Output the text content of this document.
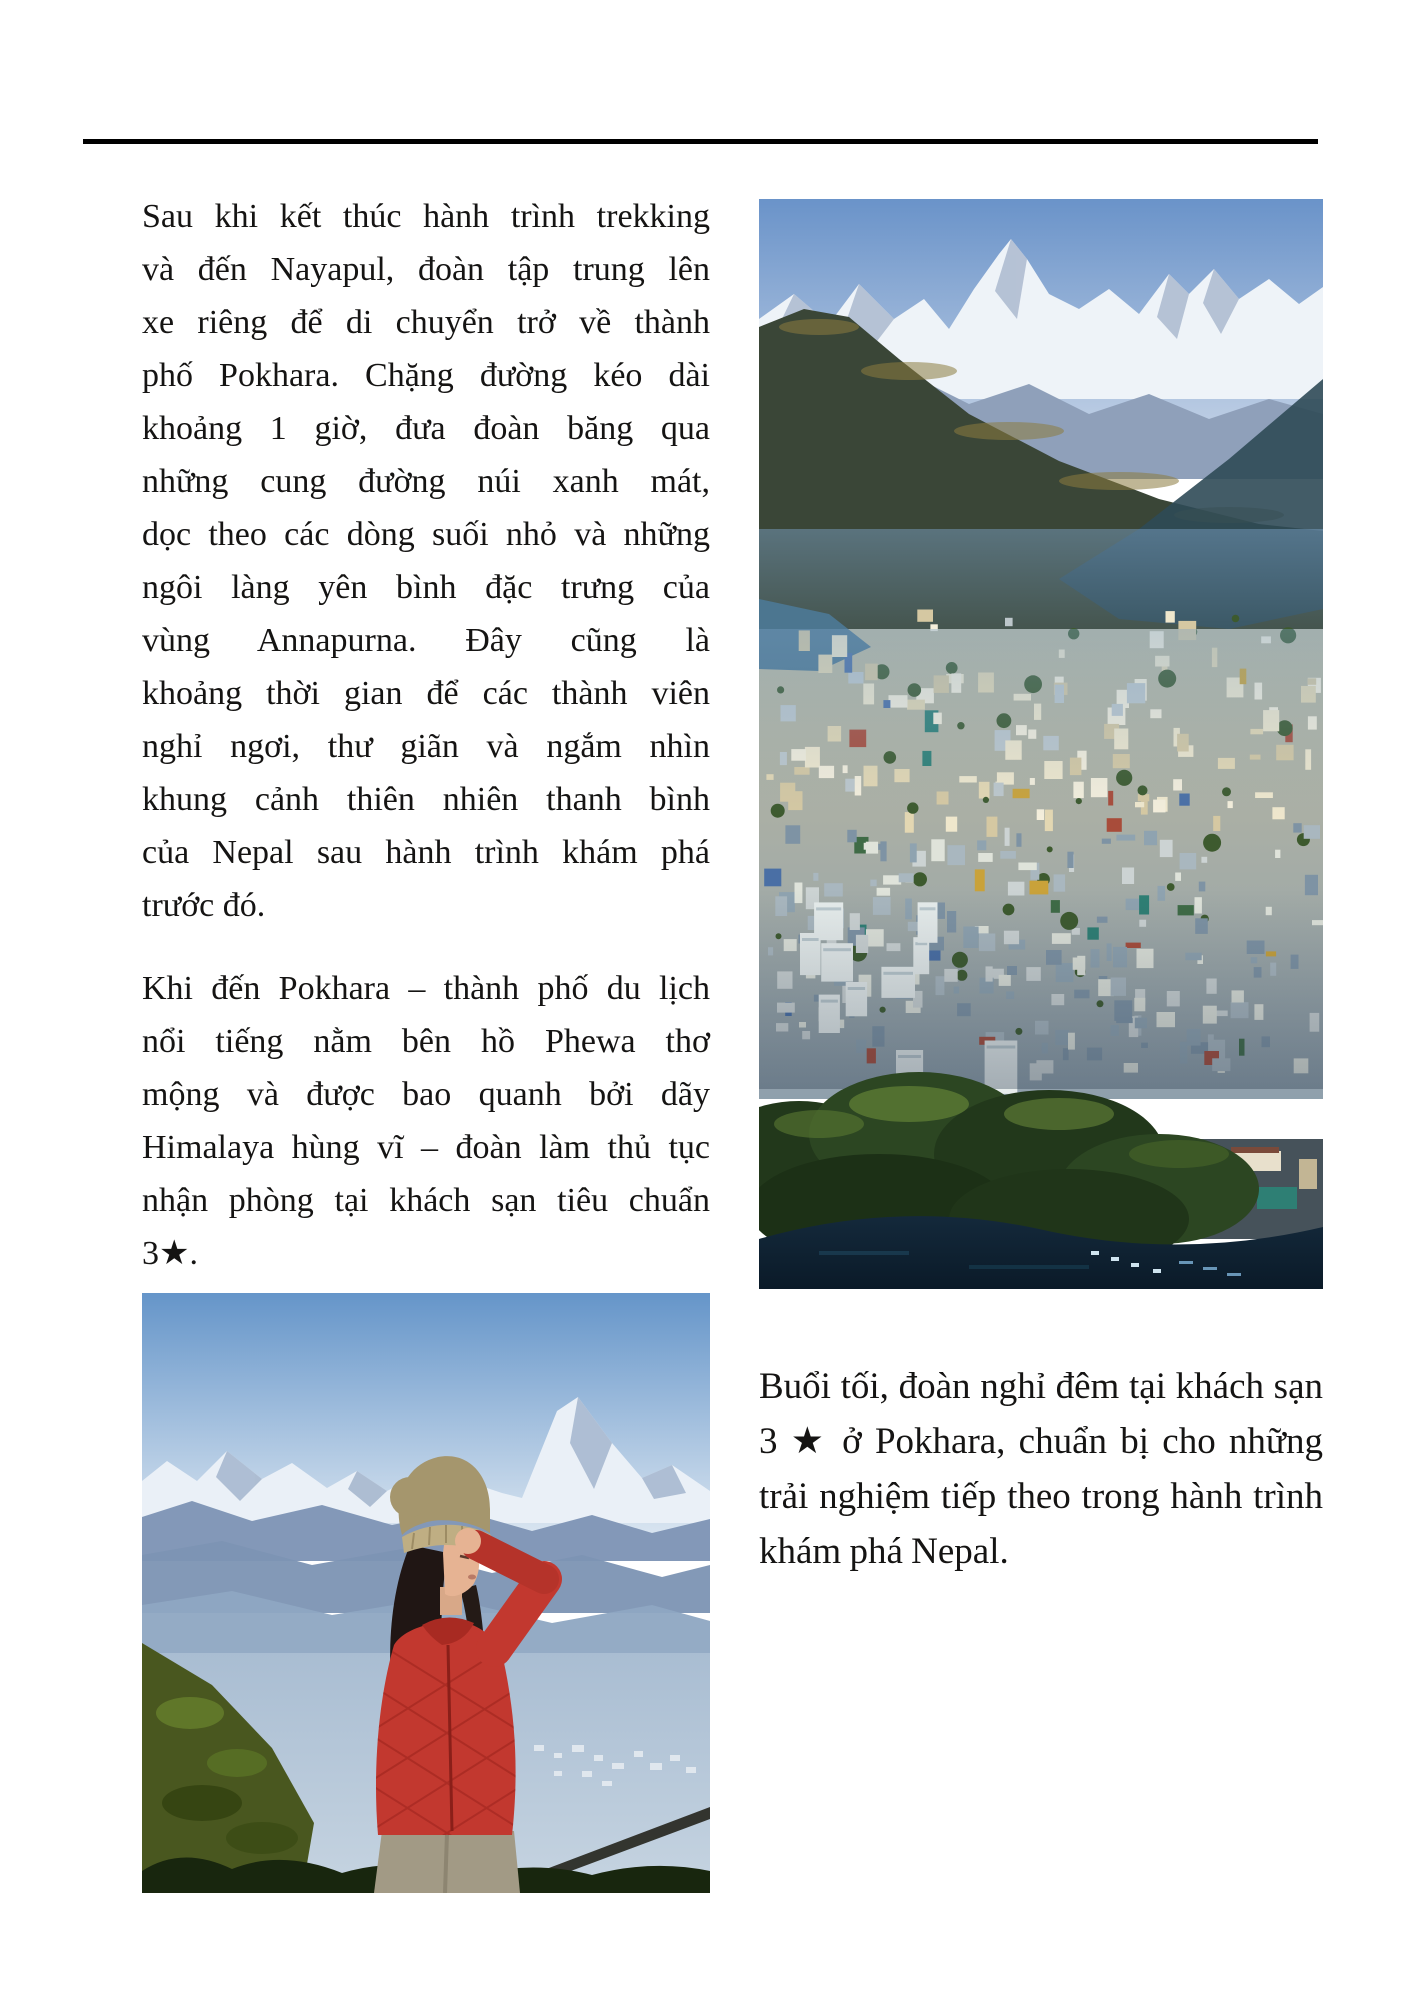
Sau khi kết thúc hành trình trekking
và đến Nayapul, đoàn tập trung lên
xe riêng để di chuyển trở về thành
phố Pokhara. Chặng đường kéo dài
khoảng 1 giờ, đưa đoàn băng qua
những cung đường núi xanh mát,
dọc theo các dòng suối nhỏ và những
ngôi làng yên bình đặc trưng của
vùng Annapurna. Đây cũng là
khoảng thời gian để các thành viên
nghỉ ngơi, thư giãn và ngắm nhìn
khung cảnh thiên nhiên thanh bình
của Nepal sau hành trình khám phá
trước đó.
Khi đến Pokhara – thành phố du lịch
nổi tiếng nằm bên hồ Phewa thơ
mộng và được bao quanh bởi dãy
Himalaya hùng vĩ – đoàn làm thủ tục
nhận phòng tại khách sạn tiêu chuẩn
3★.
Buổi tối, đoàn nghỉ đêm tại khách sạn
3 ★ ở Pokhara, chuẩn bị cho những
trải nghiệm tiếp theo trong hành trình
khám phá Nepal.
